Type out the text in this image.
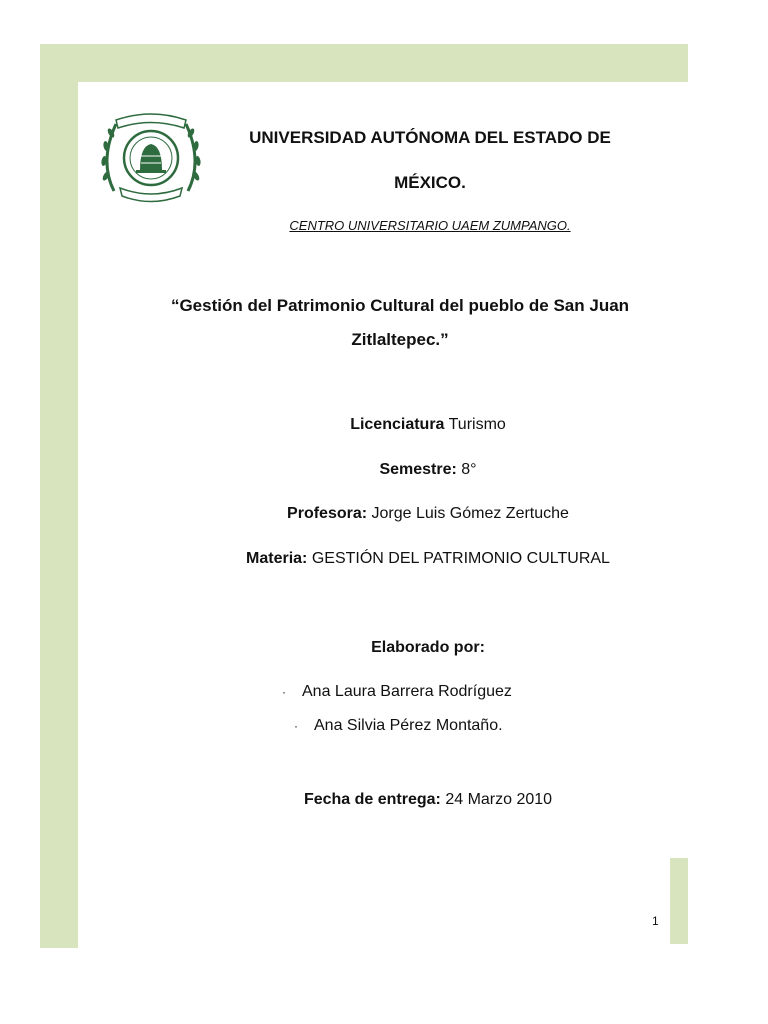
UNIVERSIDAD AUTÓNOMA DEL ESTADO DE
MÉXICO.
CENTRO UNIVERSITARIO UAEM ZUMPANGO.
“Gestión del Patrimonio Cultural del pueblo de San Juan
Zitlaltepec.”
Licenciatura Turismo
Semestre: 8°
Profesora: Jorge Luis Gómez Zertuche
Materia: GESTIÓN DEL PATRIMONIO CULTURAL
Elaborado por:
· Ana Laura Barrera Rodríguez
· Ana Silvia Pérez Montaño.
Fecha de entrega: 24 Marzo 2010
1
